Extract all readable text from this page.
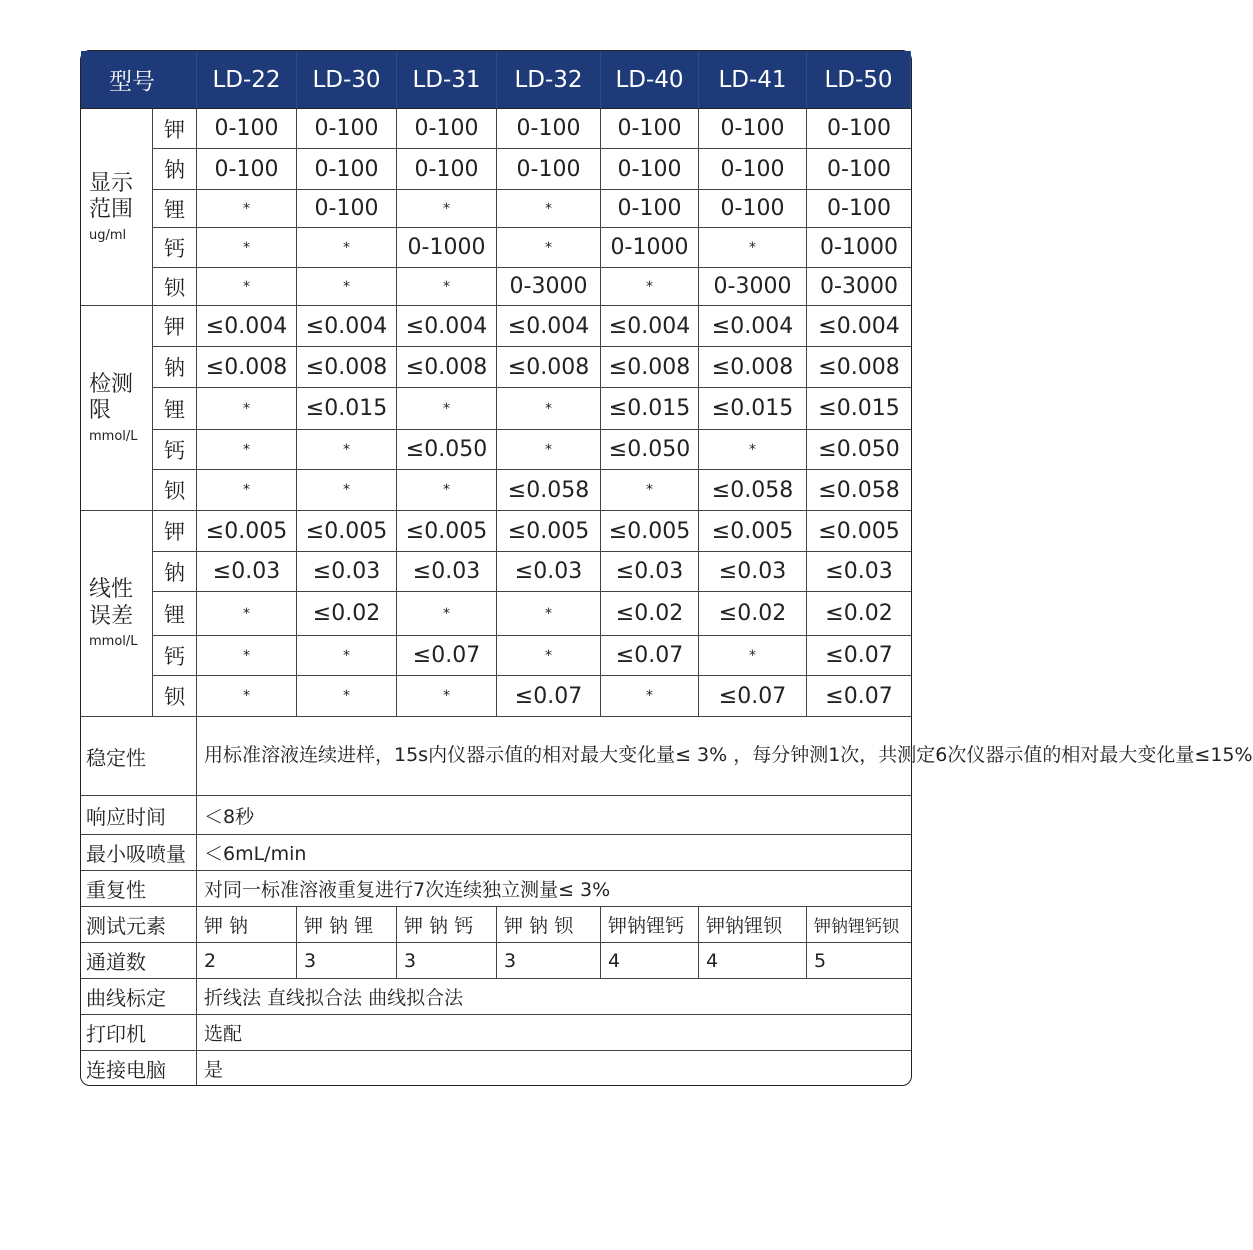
型号		LD-22	LD-30	LD-31	LD-32	LD-40	LD-41	LD-50

显示
范围
ug/ml	钾	0-100	0-100	0-100	0-100	0-100	0-100	0-100
	钠	0-100	0-100	0-100	0-100	0-100	0-100	0-100
	锂	*	0-100	*	*	0-100	0-100	0-100
	钙	*	*	0-1000	*	0-1000	*	0-1000
	钡	*	*	*	0-3000	*	0-3000	0-3000

检测
限
mmol/L	钾	≤0.004	≤0.004	≤0.004	≤0.004	≤0.004	≤0.004	≤0.004
	钠	≤0.008	≤0.008	≤0.008	≤0.008	≤0.008	≤0.008	≤0.008
	锂	*	≤0.015	*	*	≤0.015	≤0.015	≤0.015
	钙	*	*	≤0.050	*	≤0.050	*	≤0.050
	钡	*	*	*	≤0.058	*	≤0.058	≤0.058

线性
误差
mmol/L	钾	≤0.005	≤0.005	≤0.005	≤0.005	≤0.005	≤0.005	≤0.005
	钠	≤0.03	≤0.03	≤0.03	≤0.03	≤0.03	≤0.03	≤0.03
	锂	*	≤0.02	*	*	≤0.02	≤0.02	≤0.02
	钙	*	*	≤0.07	*	≤0.07	*	≤0.07
	钡	*	*	*	≤0.07	*	≤0.07	≤0.07
稳定性		用标准溶液连续进样，15s内仪器示值的相对最大变化量≤ 3% ，每分钟测1次，共测定6次仪器示值的相对最大变化量≤15%						
响应时间		＜8秒						
最小吸喷量		＜6mL/min						
重复性		对同一标准溶液重复进行7次连续独立测量≤ 3%						
测试元素		钾 钠	钾 钠 锂	钾 钠 钙	钾 钠 钡	钾钠锂钙	钾钠锂钡	钾钠锂钙钡
通道数		2	3	3	3	4	4	5
曲线标定		折线法 直线拟合法 曲线拟合法						
打印机		选配						
连接电脑		是						
